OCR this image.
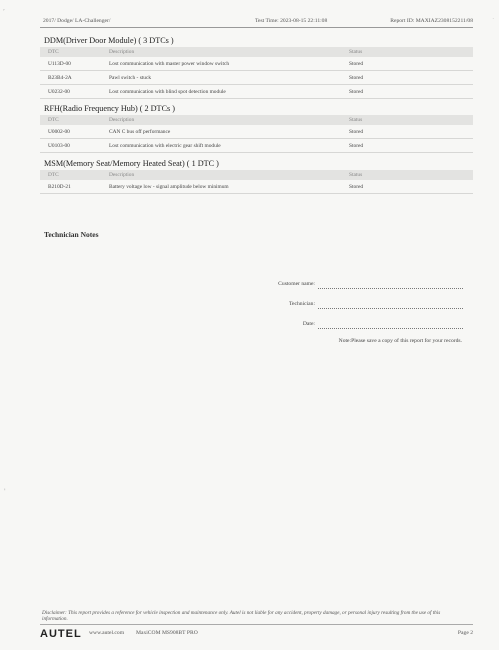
,
·
'
2017/ Dodge/ LA-Challenger/	Test Time: 2023-08-15 22:11:08	Report ID: MAXIAZ2308152211/08
DDM(Driver Door Module) ( 3 DTCs )
DTC	Description	Status
U113D-00	Lost communication with master power window switch	Stored
B23B4-2A	Pawl switch - stuck	Stored
U0232-00	Lost communication with blind spot detection module	Stored
RFH(Radio Frequency Hub) ( 2 DTCs )
DTC	Description	Status
U0002-00	CAN C bus off performance	Stored
U0103-00	Lost communication with electric gear shift module	Stored
MSM(Memory Seat/Memory Heated Seat) ( 1 DTC )
DTC	Description	Status
B210D-21	Battery voltage low - signal amplitude below minimum	Stored
Technician Notes
Customer name:
Technician:
Date:
Note:Please save a copy of this report for your records.
Disclaimer: This report provides a reference for vehicle inspection and maintenance only. Autel is not liable for any accident, property damage, or personal injury resulting from the use of this information.
AUTEL www.autel.com MaxiCOM MS908BT PRO	Page 2
